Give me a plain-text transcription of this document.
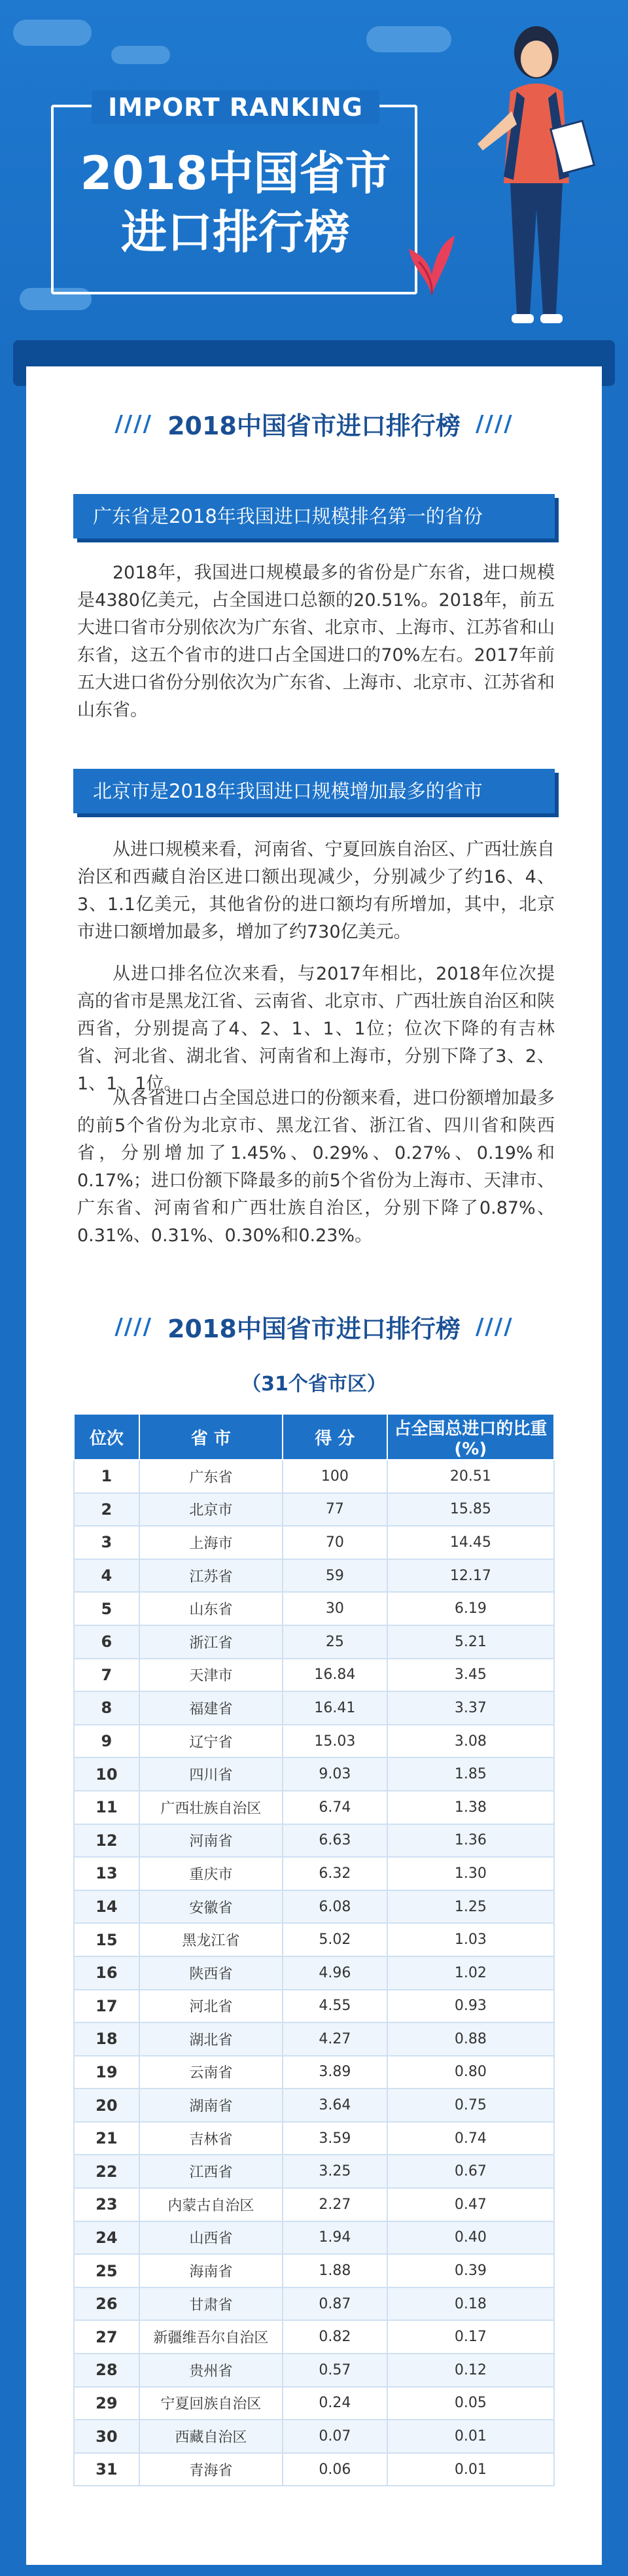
IMPORT RANKING
2018中国省市
进口排行榜
//// 2018中国省市进口排行榜 ////
广东省是2018年我国进口规模排名第一的省份
2018年，我国进口规模最多的省份是广东省，进口规模是4380亿美元，占全国进口总额的20.51%。2018年，前五大进口省市分别依次为广东省、北京市、上海市、江苏省和山东省，这五个省市的进口占全国进口的70%左右。2017年前五大进口省份分别依次为广东省、上海市、北京市、江苏省和山东省。
北京市是2018年我国进口规模增加最多的省市
从进口规模来看，河南省、宁夏回族自治区、广西壮族自治区和西藏自治区进口额出现减少，分别减少了约16、4、3、1.1亿美元，其他省份的进口额均有所增加，其中，北京市进口额增加最多，增加了约730亿美元。
从进口排名位次来看，与2017年相比，2018年位次提高的省市是黑龙江省、云南省、北京市、广西壮族自治区和陕西省，分别提高了4、2、1、1、1位；位次下降的有吉林省、河北省、湖北省、河南省和上海市，分别下降了3、2、1、1、1位。
从各省进口占全国总进口的份额来看，进口份额增加最多的前5个省份为北京市、黑龙江省、浙江省、四川省和陕西省，分别增加了1.45%、0.29%、0.27%、0.19%和0.17%；进口份额下降最多的前5个省份为上海市、天津市、广东省、河南省和广西壮族自治区，分别下降了0.87%、0.31%、0.31%、0.30%和0.23%。
//// 2018中国省市进口排行榜 ////
（31个省市区）
位次	省 市	得 分	占全国总进口的比重(%)
1	广东省	100	20.51
2	北京市	77	15.85
3	上海市	70	14.45
4	江苏省	59	12.17
5	山东省	30	6.19
6	浙江省	25	5.21
7	天津市	16.84	3.45
8	福建省	16.41	3.37
9	辽宁省	15.03	3.08
10	四川省	9.03	1.85
11	广西壮族自治区	6.74	1.38
12	河南省	6.63	1.36
13	重庆市	6.32	1.30
14	安徽省	6.08	1.25
15	黑龙江省	5.02	1.03
16	陕西省	4.96	1.02
17	河北省	4.55	0.93
18	湖北省	4.27	0.88
19	云南省	3.89	0.80
20	湖南省	3.64	0.75
21	吉林省	3.59	0.74
22	江西省	3.25	0.67
23	内蒙古自治区	2.27	0.47
24	山西省	1.94	0.40
25	海南省	1.88	0.39
26	甘肃省	0.87	0.18
27	新疆维吾尔自治区	0.82	0.17
28	贵州省	0.57	0.12
29	宁夏回族自治区	0.24	0.05
30	西藏自治区	0.07	0.01
31	青海省	0.06	0.01
